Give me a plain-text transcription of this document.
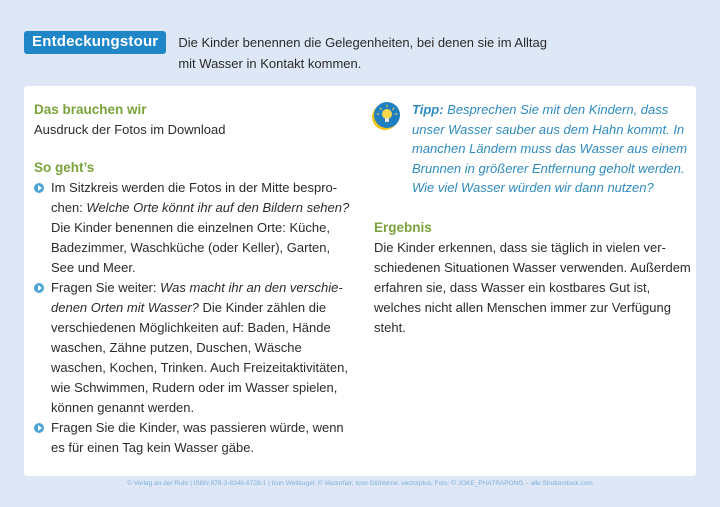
Entdeckungstour	Die Kinder benennen die Gelegenheiten, bei denen sie im Alltag mit Wasser in Kontakt kommen.
Das brauchen wir

Ausdruck der Fotos im Download

So geht’s
Im Sitzkreis werden die Fotos in der Mitte bespro- chen: Welche Orte könnt ihr auf den Bildern sehen? Die Kinder benennen die einzelnen Orte: Küche, Badezimmer, Waschküche (oder Keller), Garten, See und Meer.
Fragen Sie weiter: Was macht ihr an den verschie- denen Orten mit Wasser? Die Kinder zählen die verschiedenen Möglichkeiten auf: Baden, Hände waschen, Zähne putzen, Duschen, Wäsche waschen, Kochen, Trinken. Auch Freizeitaktivitäten, wie Schwimmen, Rudern oder im Wasser spielen, können genannt werden.
Fragen Sie die Kinder, was passieren würde, wenn es für einen Tag kein Wasser gäbe.
Tipp: Besprechen Sie mit den Kindern, dass unser Wasser sauber aus dem Hahn kommt. In manchen Ländern muss das Wasser aus einem Brunnen in größerer Entfernung geholt werden. Wie viel Wasser würden wir dann nutzen?
Ergebnis

Die Kinder erkennen, dass sie täglich in vielen ver- schiedenen Situationen Wasser verwenden. Außerdem erfahren sie, dass Wasser ein kostbares Gut ist, welches nicht allen Menschen immer zur Verfügung steht.

© Verlag an der Ruhr | ISBN 978-3-8346-6728-1 | Icon Weltkugel: © Vectorfair; Icon Glühbirne: vectorplus; Foto: © JOKE_PHATRAPONG – alle Shutterstock.com
